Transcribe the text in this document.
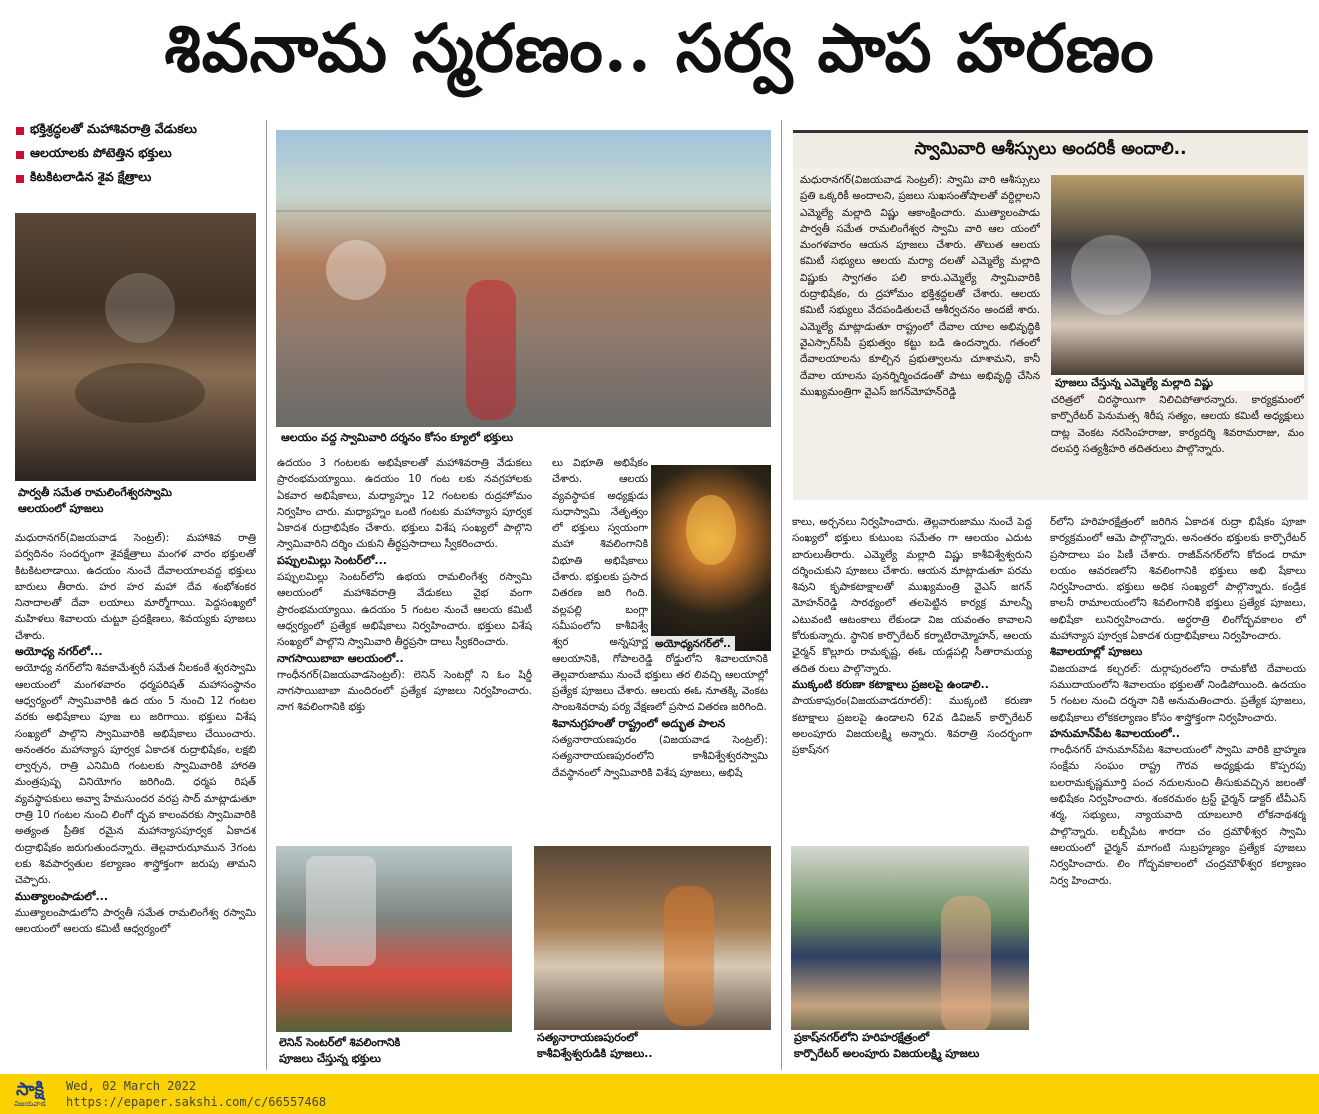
శివనామ స్మరణం.. సర్వ పాప హరణం
భక్తిశ్రద్ధలతో మహాశివరాత్రి వేడుకలు
ఆలయాలకు పోటెత్తిన భక్తులు
కిటకిటలాడిన శైవ క్షేత్రాలు
పార్వతీ సమేత రామలింగేశ్వరస్వామి
ఆలయంలో పూజలు
ఆలయం వద్ద స్వామివారి దర్శనం కోసం క్యూలో భక్తులు

మధురానగర్‌(విజయవాడ సెంట్రల్‌): మహాశివ రాత్రి పర్వదినం సందర్భంగా శైవక్షేత్రాలు మంగళ వారం భక్తులతో కిటకిటలాడాయి. ఉదయం నుంచే దేవాలయాలవద్ద భక్తులు బారులు తీరారు. హర హర మహా దేవ శంభోశంకర నినాదాలతో దేవా లయాలు మార్మోగాయి. పెద్దసంఖ్యలో మహిళలు శివాలయ చుట్టూ ప్రదక్షిణలు, శివయ్యకు పూజలు చేశారు.

అయోధ్య నగర్‌లో...

అయోధ్య నగర్‌లోని శివకామేశ్వరీ సమేత నీలకంఠే శ్వరస్వామి ఆలయంలో మంగళవారం ధర్మపరిషత్‌ మహాసంస్థానం ఆధ్వర్యంలో స్వామివారికి ఉద యం 5 నుంచి 12 గంటల వరకు అభిషేకాలు పూజ లు జరిగాయి. భక్తులు విశేష సంఖ్యలో పాల్గొని స్వామివారికి అభిషేకాలు చేయించారు. అనంతరం మహాన్యాస పూర్వక ఏకాదశ రుద్రాభిషేకం, లక్షబి ల్వార్చన, రాత్రి ఎనిమిది గంటలకు స్వామివారికి హారతి మంత్రపుష్ప వినియోగం జరిగింది. ధర్మప రిషత్‌ వ్యవస్థాపకులు అవ్వా హేమసుందర వరప్ర సాద్‌ మాట్లాడుతూ రాత్రి 10 గంటల నుంచి లింగో ద్భవ కాలంవరకు స్వామివారికి అత్యంత ప్రీతిక రమైన మహాన్యాసపూర్వక ఏకాదశ రుద్రాభిషేకం జరుగుతుందన్నారు. తెల్లవారుఝామున 3గంట లకు శివపార్వతుల కల్యాణం శాస్త్రోక్తంగా జరుపు తామని చెప్పారు.

ముత్యాలంపాడులో...

ముత్యాలంపాడులోని పార్వతీ సమేత రామలింగేశ్వ రస్వామి ఆలయంలో ఆలయ కమిటీ ఆధ్వర్యంలో

ఉదయం 3 గంటలకు అభిషేకాలతో మహాశివరాత్రి వేడుకలు ప్రారంభమయ్యాయి. ఉదయం 10 గంట లకు నవగ్రహాలకు ఏకవార అభిషేకాలు, మధ్యాహ్నం 12 గంటలకు రుద్రహోమం నిర్వహిం చారు. మధ్యాహ్నం ఒంటి గంటకు మహాన్యాస పూర్వక ఏకాదశ రుద్రాభిషేకం చేశారు. భక్తులు విశేష సంఖ్యలో పాల్గొని స్వామివారిని దర్శిం చుకుని తీర్థప్రసాదాలు స్వీకరించారు.

పప్పులమిల్లు సెంటర్‌లో...

పప్పులమిల్లు సెంటర్‌లోని ఉభయ రామలింగేశ్వ రస్వామి ఆలయంలో మహాశివరాత్రి వేడుకలు వైభ వంగా ప్రారంభమయ్యాయి. ఉదయం 5 గంటల నుంచే ఆలయ కమిటీ ఆధ్వర్యంలో ప్రత్యేక అభిషేకాలు నిర్వహించారు. భక్తులు విశేష సంఖ్యలో పాల్గొని స్వామివారి తీర్థప్రసా దాలు స్వీకరించారు.

నాగసాయిబాబా ఆలయంలో..

గాంధీనగర్‌(విజయవాడసెంట్రల్‌): లెనిన్‌ సెంటర్లో ని ఓం షిర్డీ నాగసాయిబాబా మందిరంలో ప్రత్యేక పూజలు నిర్వహించారు. నాగ శివలింగానికి భక్తు

లు విభూతి అభిషేకం చేశారు. ఆలయ వ్యవస్థాపక అధ్యక్షుడు సుధాస్వామి నేతృత్వం లో భక్తులు స్వయంగా మహా శివలింగానికి విభూతి అభిషేకాలు చేశారు. భక్తులకు ప్రసాద వితరణ జరి గింది. వల్లపల్లి బంగ్లా సమీపంలోని కాశీవిశ్వే శ్వర అన్నపూర్ణ ఆలయానికి, గోపాలరెడ్డి రోడ్డులోని శివాలయానికి తెల్లవారుజాము నుంచే భక్తులు తర లివచ్చి ఆలయాల్లో ప్రత్యేక పూజలు చేశారు. ఆలయ ఈఓ నూతక్కి వెంకట సాంబశివరావు పర్య వేక్షణలో ప్రసాద వితరణ జరిగింది.

శివానుగ్రహంతో రాష్ట్రంలో అద్భుత పాలన

సత్యనారాయణపురం (విజయవాడ సెంట్రల్‌): సత్యనారాయణపురంలోని కాశీవిశ్వేశ్వరస్వామి దేవస్థానంలో స్వామివారికి విశేష పూజలు, అభిషే

అయోధ్యనగర్‌లో..
లెనిన్‌ సెంటర్‌లో శివలింగానికి
పూజలు చేస్తున్న భక్తులు
సత్యనారాయణపురంలో
కాశీవిశ్వేశ్వరుడికి పూజలు..

కాలు, అర్చనలు నిర్వహించారు. తెల్లవారుజాము నుంచే పెద్ద సంఖ్యలో భక్తులు కుటుంబ సమేతం గా ఆలయం ఎదుట బారులుతీరారు. ఎమ్మెల్యే మల్లాది విష్ణు కాశీవిశ్వేశ్వరుని దర్శించుకుని పూజలు చేశారు. ఆయన మాట్లాడుతూ పరమ శివుని కృపాకటాక్షాలతో ముఖ్యమంత్రి వైఎస్‌ జగన్‌ మోహన్‌రెడ్డి సారథ్యంలో తలపెట్టిన కార్యక్ర మాలన్నీ ఎటువంటి ఆటంకాలు లేకుండా విజ యవంతం కావాలని కోరుకున్నారు. స్థానిక కార్పొరేటర్‌ కర్నాటిరామ్మోహన్, ఆలయ ఛైర్మన్‌ కొల్లూరు రామకృష్ణ, ఈఓ యడ్లపల్లి సీతారామయ్య తదిత రులు పాల్గొన్నారు.

ముక్కంటి కరుణా కటాక్షాలు ప్రజలపై ఉండాలి..

పాయకాపురం(విజయవాడరూరల్‌): ముక్కంటి కరుణా కటాక్షాలు ప్రజలపై ఉండాలని 62వ డివిజన్‌ కార్పొరేటర్‌ అలంపూరు విజయలక్ష్మి అన్నారు. శివరాత్రి సందర్భంగా ప్రకాష్‌నగ

ప్రకాష్‌నగర్‌లోని హరిహరక్షేత్రంలో
కార్పొరేటర్‌ అలంపూరు విజయలక్ష్మి పూజలు

ర్‌లోని హరిహరక్షేత్రంలో జరిగిన ఏకాదశ రుద్రా భిషేకం పూజా కార్యక్రమంలో ఆమె పాల్గొన్నారు. అనంతరం భక్తులకు కార్పొరేటర్‌ ప్రసాదాలు పం పిణీ చేశారు. రాజీవ్‌నగర్‌లోని కోదండ రామా లయం ఆవరణలోని శివలింగానికి భక్తులు అభి షేకాలు నిర్వహించారు. భక్తులు అధిక సంఖ్యలో పాల్గొన్నారు. కండ్రిక కాలనీ రామాలయంలోని శివలింగానికి భక్తులు ప్రత్యేక పూజలు, అభిషేకా లునిర్వహించారు. అర్ధరాత్రి లింగోద్భవకాలం లో మహాన్యాస పూర్వక ఏకాదశ రుద్రాభిషేకాలు నిర్వహించారు.

శివాలయాల్లో పూజలు

విజయవాడ కల్చరల్‌: దుర్గాపురంలోని రామకోటి దేవాలయ సముదాయంలోని శివాలయం భక్తులతో నిండిపోయింది. ఉదయం 5 గంటల నుంచి దర్శనా నికి అనుమతించారు. ప్రత్యేక పూజలు, అభిషేకాలు లోకకల్యాణం కోసం శాస్త్రోక్తంగా నిర్వహించారు.

హనుమాన్‌పేట శివాలయంలో..

గాంధీనగర్‌ హనుమాన్‌పేట శివాలయంలో స్వామి వారికి బ్రాహ్మణ సంక్షేమ సంఘం రాష్ట్ర గౌరవ అధ్యక్షుడు కొప్పరపు బలరామకృష్ణమూర్తి పంచ నదులనుంచి తీసుకువచ్చిన జలంతో అభిషేకం నిర్వహించారు. శంకరమఠం ట్రస్ట్‌ ఛైర్మన్‌ డాక్టర్‌ టీవీఎస్‌ శర్మ, సభ్యులు, న్యాయవాది యాబలూరి లోకనాథశర్మ పాల్గొన్నారు. లబ్బీపేట శారదా చం ద్రమౌళీశ్వర స్వామి ఆలయంలో ఛైర్మన్‌ మాగంటి సుబ్రహ్మణ్యం ప్రత్యేక పూజలు నిర్వహించారు. లిం గోద్భవకాలంలో చంద్రమౌళీశ్వర కల్యాణం నిర్వ హించారు.

స్వామివారి ఆశీస్సులు అందరికీ అందాలి..

మధురానగర్‌(విజయవాడ సెంట్రల్‌): స్వామి వారి ఆశీస్సులు ప్రతి ఒక్కరికీ అందాలని, ప్రజలు సుఖసంతోషాలతో వర్ధిల్లాలని ఎమ్మెల్యే మల్లాది విష్ణు ఆకాంక్షించారు. ముత్యాలంపాడు పార్వతీ సమేత రామలింగేశ్వర స్వామి వారి ఆల యంలో మంగళవారం ఆయన పూజలు చేశారు. తొలుత ఆలయ కమిటీ సభ్యులు ఆలయ మర్యా దలతో ఎమ్మెల్యే మల్లాది విష్ణుకు స్వాగతం పలి కారు.ఎమ్మెల్యే స్వామివారికి రుద్రాభిషేకం, రు ద్రహోమం భక్తిశ్రద్ధలతో చేశారు. ఆలయ కమిటీ సభ్యులు వేదపండితులచే ఆశీర్వచనం అందజే శారు. ఎమ్మెల్యే మాట్లాడుతూ రాష్ట్రంలో దేవాల యాల అభివృద్ధికి వైఎస్సార్‌సీపీ ప్రభుత్వం కట్టు బడి ఉందన్నారు. గతంలో దేవాలయాలను కూల్చిన ప్రభుత్వాలను చూశామని, కానీ దేవాల యాలను పునర్నిర్మించడంతో పాటు అభివృద్ధి చేసిన ముఖ్యమంత్రిగా వైఎస్‌ జగన్‌మోహన్‌రెడ్డి

పూజలు చేస్తున్న ఎమ్మెల్యే మల్లాది విష్ణు

చరిత్రలో చిరస్థాయిగా నిలిచిపోతారన్నారు. కార్యక్రమంలో కార్పొరేటర్‌ పెనుమత్స శిరీష సత్యం, ఆలయ కమిటీ అధ్యక్షులు దాట్ల వెంకట నరసింహరాజు, కార్యదర్శి శివరామరాజు, మం దలపర్తి సత్యశ్రీహరి తదితరులు పాల్గొన్నారు.

సాక్షి
విజయవాడ
Wed, 02 March 2022
https://epaper.sakshi.com/c/66557468
